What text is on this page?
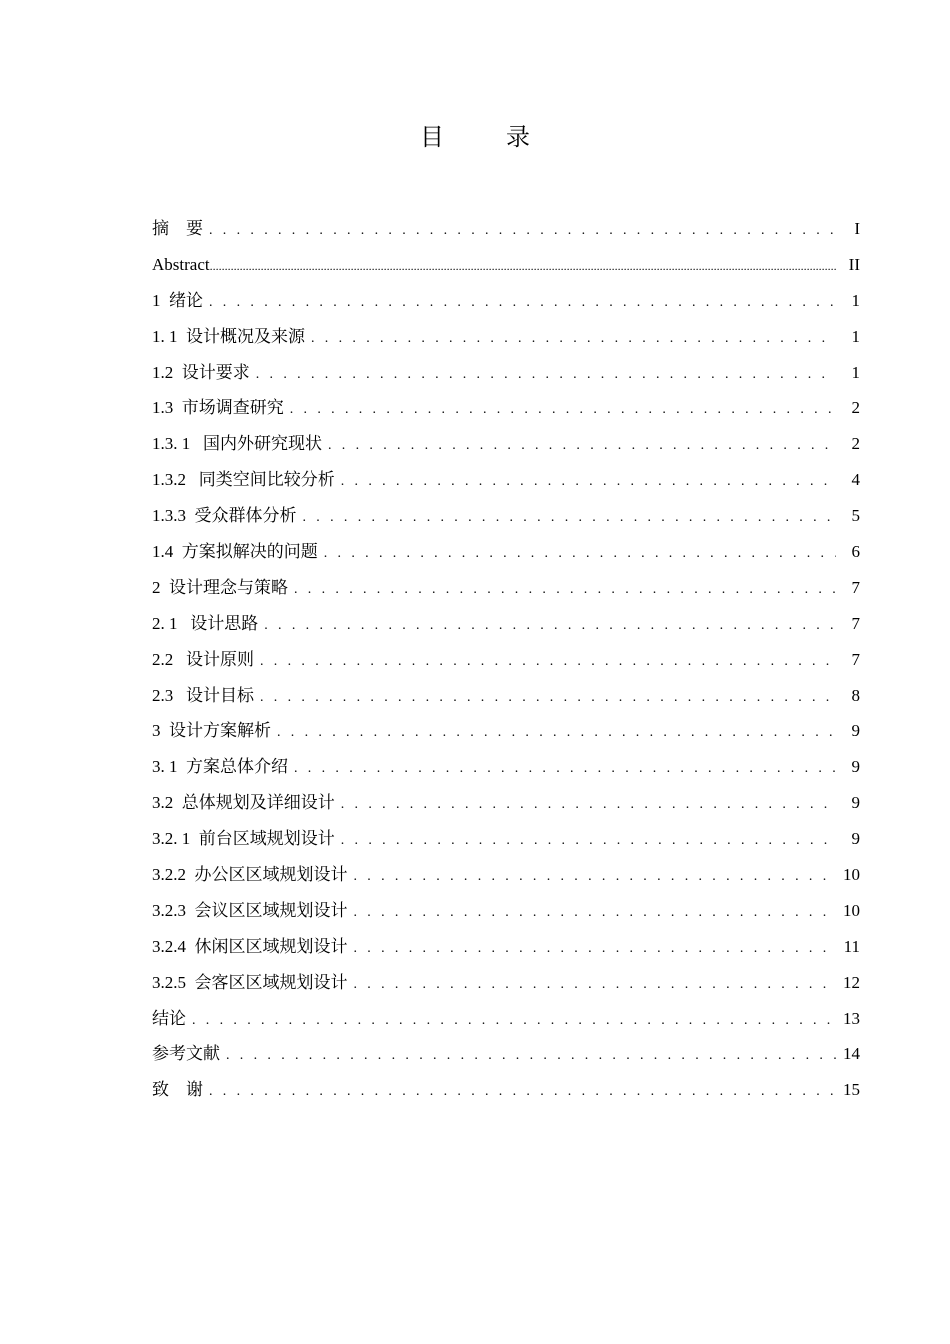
目 录
摘    要 . . .	I
Abstract .....	II
1  绪论 . . .	1
1. 1  设计概况及来源 . . .	1
1.2  设计要求 . . .	1
1.3  市场调查研究 . . .	2
1.3. 1   国内外研究现状 . . .	2
1.3.2   同类空间比较分析 . . .	4
1.3.3  受众群体分析 . . .	5
1.4  方案拟解决的问题 . . .	6
2  设计理念与策略 . . .	7
2. 1   设计思路 . . .	7
2.2   设计原则 . . .	7
2.3   设计目标 . . .	8
3  设计方案解析 . . .	9
3. 1  方案总体介绍 . . .	9
3.2  总体规划及详细设计 . . .	9
3.2. 1  前台区域规划设计 . . .	9
3.2.2  办公区区域规划设计 . . .	10
3.2.3  会议区区域规划设计 . . .	10
3.2.4  休闲区区域规划设计 . . .	11
3.2.5  会客区区域规划设计 . . .	12
结论 . . .	13
参考文献 . . .	14
致    谢 . . .	15
